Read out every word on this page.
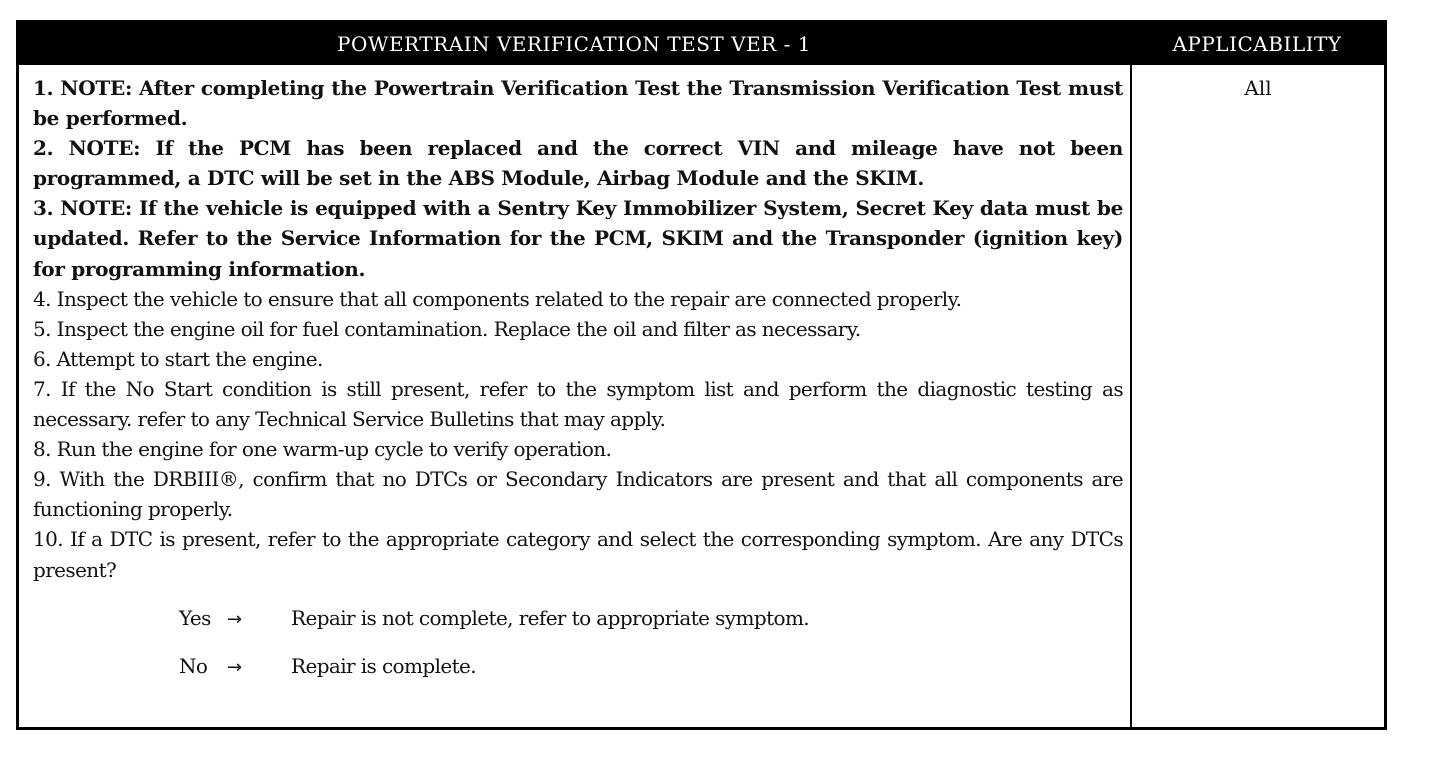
POWERTRAIN VERIFICATION TEST VER - 1	APPLICABILITY

1. NOTE: After completing the Powertrain Verification Test the Transmission Verification Test must be performed.

2. NOTE: If the PCM has been replaced and the correct VIN and mileage have not been programmed, a DTC will be set in the ABS Module, Airbag Module and the SKIM.

3. NOTE: If the vehicle is equipped with a Sentry Key Immobilizer System, Secret Key data must be updated. Refer to the Service Information for the PCM, SKIM and the Transponder (ignition key) for programming information.

4. Inspect the vehicle to ensure that all components related to the repair are connected properly.

5. Inspect the engine oil for fuel contamination. Replace the oil and filter as necessary.

6. Attempt to start the engine.

7. If the No Start condition is still present, refer to the symptom list and perform the diagnostic testing as necessary. refer to any Technical Service Bulletins that may apply.

8. Run the engine for one warm-up cycle to verify operation.

9. With the DRBIII®, confirm that no DTCs or Secondary Indicators are present and that all components are functioning properly.

10. If a DTC is present, refer to the appropriate category and select the corresponding symptom. Are any DTCs present?

Yes →	Repair is not complete, refer to appropriate symptom.
No	→	Repair is complete.
All
